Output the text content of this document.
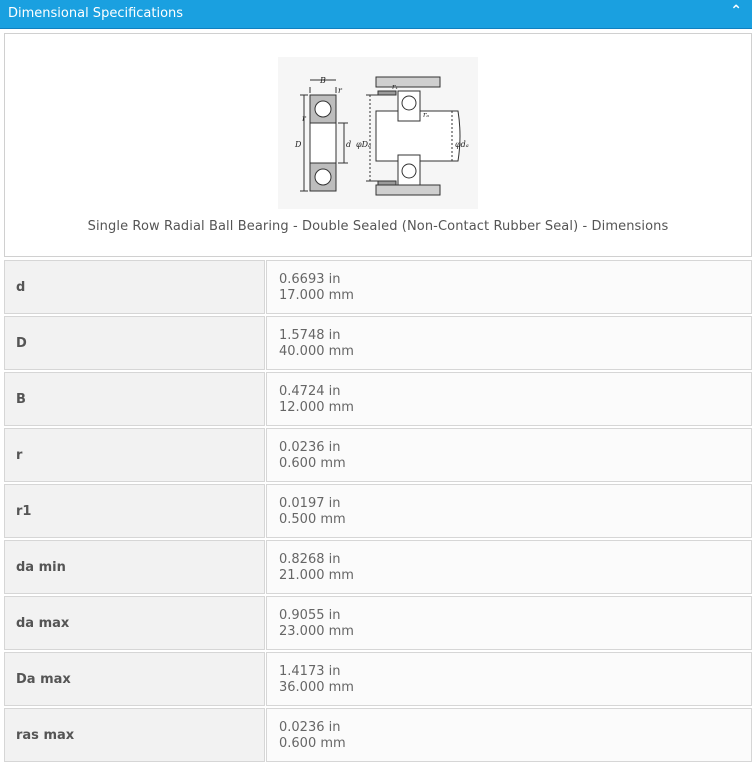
Dimensional Specifications	⌃
B
r
r
D	d
r₁
rₐ
φDₐ	φdₐ
Single Row Radial Ball Bearing - Double Sealed (Non-Contact Rubber Seal) - Dimensions
d
0.6693 in
17.000 mm
D
1.5748 in
40.000 mm
B
0.4724 in
12.000 mm
r
0.0236 in
0.600 mm
r1
0.0197 in
0.500 mm
da min
0.8268 in
21.000 mm
da max
0.9055 in
23.000 mm
Da max
1.4173 in
36.000 mm
ras max
0.0236 in
0.600 mm
